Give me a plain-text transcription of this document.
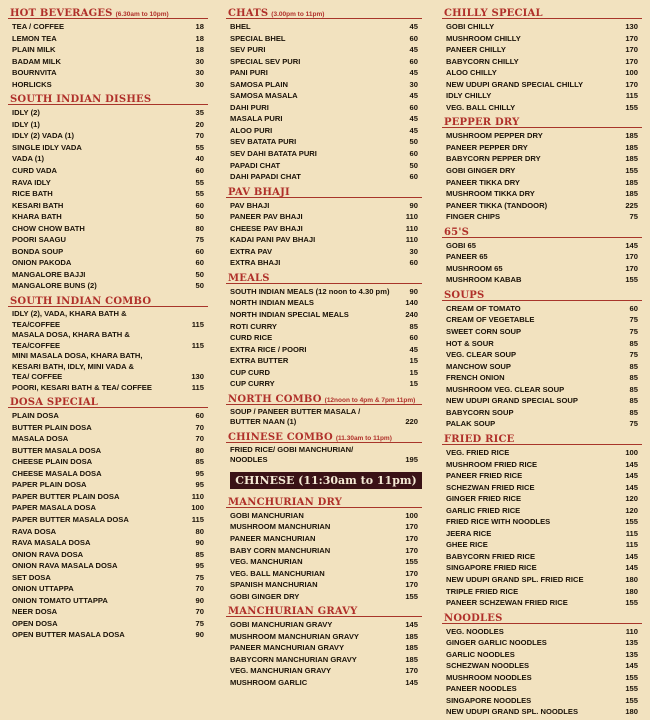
HOT BEVERAGES (6.30am to 10pm)
TEA / COFFEE	18
LEMON TEA	18
PLAIN MILK	18
BADAM MILK	30
BOURNVITA	30
HORLICKS	30
SOUTH INDIAN DISHES
IDLY (2)	35
IDLY (1)	20
IDLY (2) VADA (1)	70
SINGLE IDLY VADA	55
VADA (1)	40
CURD VADA	60
RAVA IDLY	55
RICE BATH	55
KESARI BATH	60
KHARA BATH	50
CHOW CHOW BATH	80
POORI SAAGU	75
BONDA SOUP	60
ONION PAKODA	60
MANGALORE BAJJI	50
MANGALORE BUNS (2)	50
SOUTH INDIAN COMBO
IDLY (2), VADA, KHARA BATH &
TEA/COFFEE	
115
MASALA DOSA, KHARA BATH &
TEA/COFFEE	
115
MINI MASALA DOSA, KHARA BATH,
KESARI BATH, IDLY, MINI VADA &
TEA/ COFFEE	

130
POORI, KESARI BATH & TEA/ COFFEE	115
DOSA SPECIAL
PLAIN DOSA	60
BUTTER PLAIN DOSA	70
MASALA DOSA	70
BUTTER MASALA DOSA	80
CHEESE PLAIN DOSA	85
CHEESE MASALA DOSA	95
PAPER PLAIN DOSA	95
PAPER BUTTER PLAIN DOSA	110
PAPER MASALA DOSA	100
PAPER BUTTER MASALA DOSA	115
RAVA DOSA	80
RAVA MASALA DOSA	90
ONION RAVA DOSA	85
ONION RAVA MASALA DOSA	95
SET DOSA	75
ONION UTTAPPA	70
ONION TOMATO UTTAPPA	90
NEER DOSA	70
OPEN DOSA	75
OPEN BUTTER MASALA DOSA	90
CHATS (3.00pm to 11pm)
BHEL	45
SPECIAL BHEL	60
SEV PURI	45
SPECIAL SEV PURI	60
PANI PURI	45
SAMOSA PLAIN	30
SAMOSA MASALA	45
DAHI PURI	60
MASALA PURI	45
ALOO PURI	45
SEV BATATA PURI	50
SEV DAHI BATATA PURI	60
PAPADI CHAT	50
DAHI PAPADI CHAT	60
PAV BHAJI
PAV BHAJI	90
PANEER PAV BHAJI	110
CHEESE PAV BHAJI	110
KADAI PANI PAV BHAJI	110
EXTRA PAV	30
EXTRA BHAJI	60
MEALS
SOUTH INDIAN MEALS (12 noon to 4.30 pm)	90
NORTH INDIAN MEALS	140
NORTH INDIAN SPECIAL MEALS	240
ROTI CURRY	85
CURD RICE	60
EXTRA RICE / POORI	45
EXTRA BUTTER	15
CUP CURD	15
CUP CURRY	15
NORTH COMBO (12noon to 4pm & 7pm 11pm)
SOUP / PANEER BUTTER MASALA /
BUTTER NAAN (1)	
220
CHINESE COMBO (11.30am to 11pm)
FRIED RICE/ GOBI MANCHURIAN/
NOODLES	
195
CHINESE (11:30am to 11pm)
MANCHURIAN DRY
GOBI MANCHURIAN	100
MUSHROOM MANCHURIAN	170
PANEER MANCHURIAN	170
BABY CORN MANCHURIAN	170
VEG. MANCHURIAN	155
VEG. BALL MANCHURIAN	170
SPANISH MANCHURIAN	170
GOBI GINGER DRY	155
MANCHURIAN GRAVY
GOBI MANCHURIAN GRAVY	145
MUSHROOM MANCHURIAN GRAVY	185
PANEER MANCHURIAN GRAVY	185
BABYCORN MANCHURIAN GRAVY	185
VEG. MANCHURIAN GRAVY	170
MUSHROOM GARLIC	145
CHILLY SPECIAL
GOBI CHILLY	130
MUSHROOM CHILLY	170
PANEER CHILLY	170
BABYCORN CHILLY	170
ALOO CHILLY	100
NEW UDUPI GRAND SPECIAL CHILLY	170
IDLY CHILLY	115
VEG. BALL CHILLY	155
PEPPER DRY
MUSHROOM PEPPER DRY	185
PANEER PEPPER DRY	185
BABYCORN PEPPER DRY	185
GOBI GINGER DRY	155
PANEER TIKKA DRY	185
MUSHROOM TIKKA DRY	185
PANEER TIKKA (TANDOOR)	225
FINGER CHIPS	75
65'S
GOBI 65	145
PANEER 65	170
MUSHROOM 65	170
MUSHROOM KABAB	155
SOUPS
CREAM OF TOMATO	60
CREAM OF VEGETABLE	75
SWEET CORN SOUP	75
HOT & SOUR	85
VEG. CLEAR SOUP	75
MANCHOW SOUP	85
FRENCH ONION	85
MUSHROOM VEG. CLEAR SOUP	85
NEW UDUPI GRAND SPECIAL SOUP	85
BABYCORN SOUP	85
PALAK SOUP	75
FRIED RICE
VEG. FRIED RICE	100
MUSHROOM FRIED RICE	145
PANEER FRIED RICE	145
SCHEZWAN FRIED RICE	145
GINGER FRIED RICE	120
GARLIC FRIED RICE	120
FRIED RICE WITH NOODLES	155
JEERA RICE	115
GHEE RICE	115
BABYCORN FRIED RICE	145
SINGAPORE FRIED RICE	145
NEW UDUPI GRAND SPL. FRIED RICE	180
TRIPLE FRIED RICE	180
PANEER SCHZEWAN FRIED RICE	155
NOODLES
VEG. NOODLES	110
GINGER GARLIC NOODLES	135
GARLIC NOODLES	135
SCHEZWAN NOODLES	145
MUSHROOM NOODLES	155
PANEER NOODLES	155
SINGAPORE NOODLES	155
NEW UDUPI GRAND SPL. NOODLES	180
